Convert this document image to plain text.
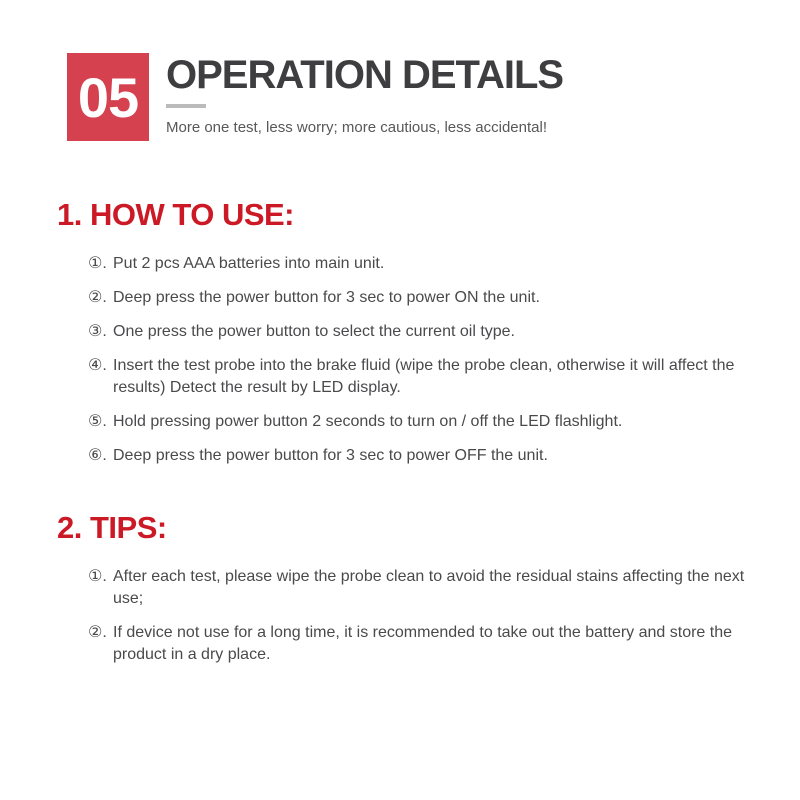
05 OPERATION DETAILS

More one test, less worry; more cautious, less accidental!

1. HOW TO USE:
①. Put 2 pcs AAA batteries into main unit.
②. Deep press the power button for 3 sec to power ON the unit.
③. One press the power button to select the current oil type.
④. Insert the test probe into the brake fluid (wipe the probe clean, otherwise it will affect the results) Detect the result by LED display.
⑤. Hold pressing power button 2 seconds to turn on / off the LED flashlight.
⑥. Deep press the power button for 3 sec to power OFF the unit.
2. TIPS:
①. After each test, please wipe the probe clean to avoid the residual stains affecting the next use;
②. If device not use for a long time, it is recommended to take out the battery and store the product in a dry place.
